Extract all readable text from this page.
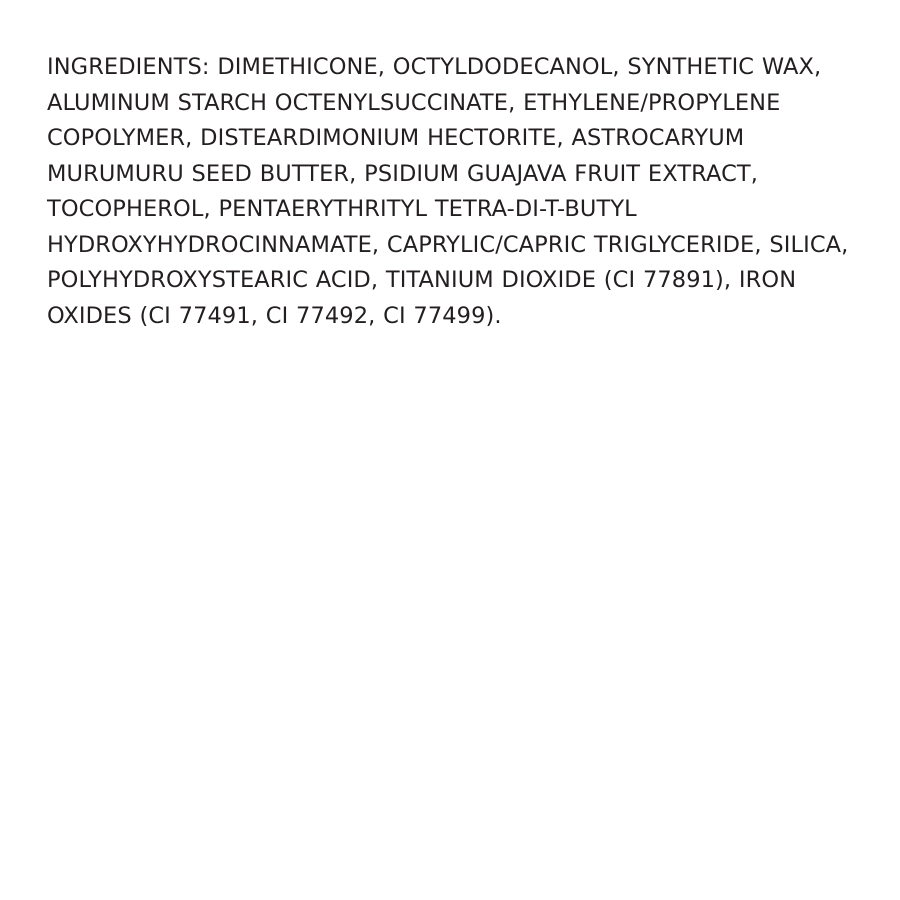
INGREDIENTS: DIMETHICONE, OCTYLDODECANOL, SYNTHETIC WAX, ALUMINUM STARCH OCTENYLSUCCINATE, ETHYLENE/PROPYLENE COPOLYMER, DISTEARDIMONIUM HECTORITE, ASTROCARYUM MURUMURU SEED BUTTER, PSIDIUM GUAJAVA FRUIT EXTRACT, TOCOPHEROL, PENTAERYTHRITYL TETRA-DI-T-BUTYL HYDROXYHYDROCINNAMATE, CAPRYLIC/CAPRIC TRIGLYCERIDE, SILICA, POLYHYDROXYSTEARIC ACID, TITANIUM DIOXIDE (CI 77891), IRON OXIDES (CI 77491, CI 77492, CI 77499).
